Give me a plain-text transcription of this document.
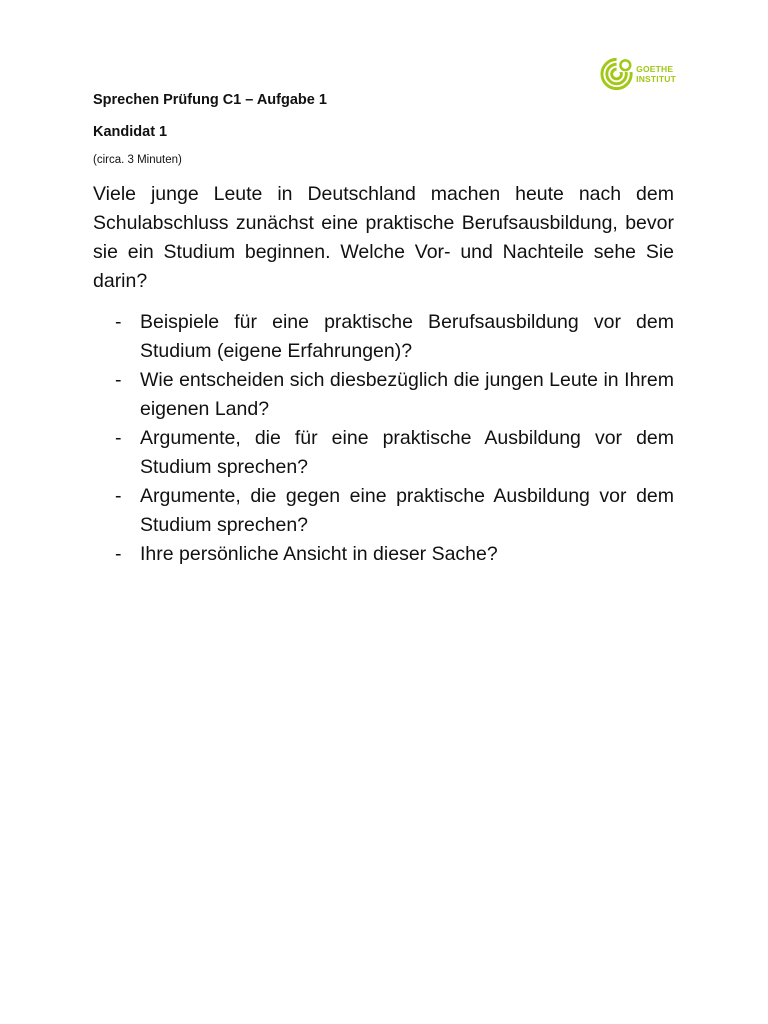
GOETHE
INSTITUT
Sprechen Prüfung C1 – Aufgabe 1
Kandidat 1
(circa. 3 Minuten)

Viele junge Leute in Deutschland machen heute nach dem Schulabschluss zunächst eine praktische Berufsausbildung, bevor sie ein Studium beginnen. Welche Vor- und Nachteile sehe Sie darin?

- Beispiele für eine praktische Berufsausbildung vor dem Studium (eigene Erfahrungen)?
- Wie entscheiden sich diesbezüglich die jungen Leute in Ihrem eigenen Land?
- Argumente, die für eine praktische Ausbildung vor dem Studium sprechen?
- Argumente, die gegen eine praktische Ausbildung vor dem Studium sprechen?
- Ihre persönliche Ansicht in dieser Sache?
